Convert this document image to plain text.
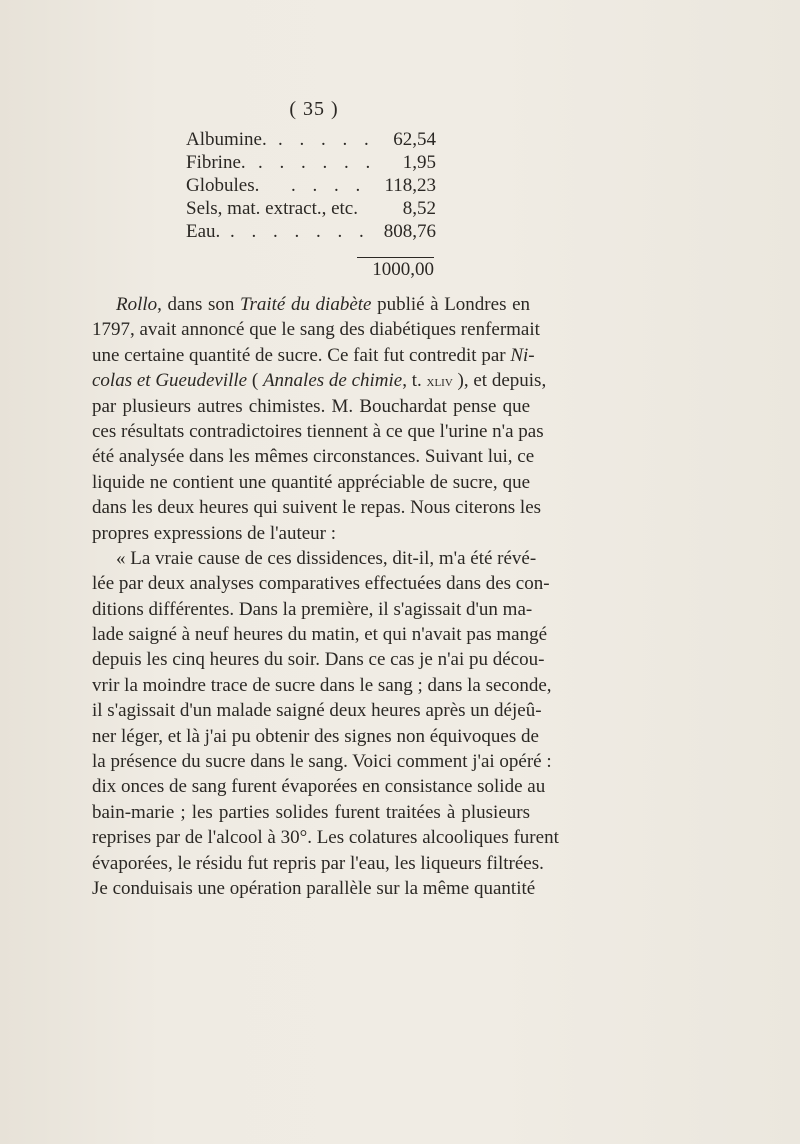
( 35 )
Albumine. . . . . . 62,54
Fibrine. . . . . . . 1,95
Globules. . . . . 118,23
Sels, mat. extract., etc. 8,52
Eau. . . . . . . . 808,76
1000,00
Rollo, dans son Traité du diabète publié à Londres en
1797, avait annoncé que le sang des diabétiques renfermait
une certaine quantité de sucre. Ce fait fut contredit par Ni-
colas et Gueudeville ( Annales de chimie, t. xliv ), et depuis,
par plusieurs autres chimistes. M. Bouchardat pense que
ces résultats contradictoires tiennent à ce que l'urine n'a pas
été analysée dans les mêmes circonstances. Suivant lui, ce
liquide ne contient une quantité appréciable de sucre, que
dans les deux heures qui suivent le repas. Nous citerons les
propres expressions de l'auteur :
« La vraie cause de ces dissidences, dit-il, m'a été révé-
lée par deux analyses comparatives effectuées dans des con-
ditions différentes. Dans la première, il s'agissait d'un ma-
lade saigné à neuf heures du matin, et qui n'avait pas mangé
depuis les cinq heures du soir. Dans ce cas je n'ai pu décou-
vrir la moindre trace de sucre dans le sang ; dans la seconde,
il s'agissait d'un malade saigné deux heures après un déjeû-
ner léger, et là j'ai pu obtenir des signes non équivoques de
la présence du sucre dans le sang. Voici comment j'ai opéré :
dix onces de sang furent évaporées en consistance solide au
bain-marie ; les parties solides furent traitées à plusieurs
reprises par de l'alcool à 30°. Les colatures alcooliques furent
évaporées, le résidu fut repris par l'eau, les liqueurs filtrées.
Je conduisais une opération parallèle sur la même quantité
